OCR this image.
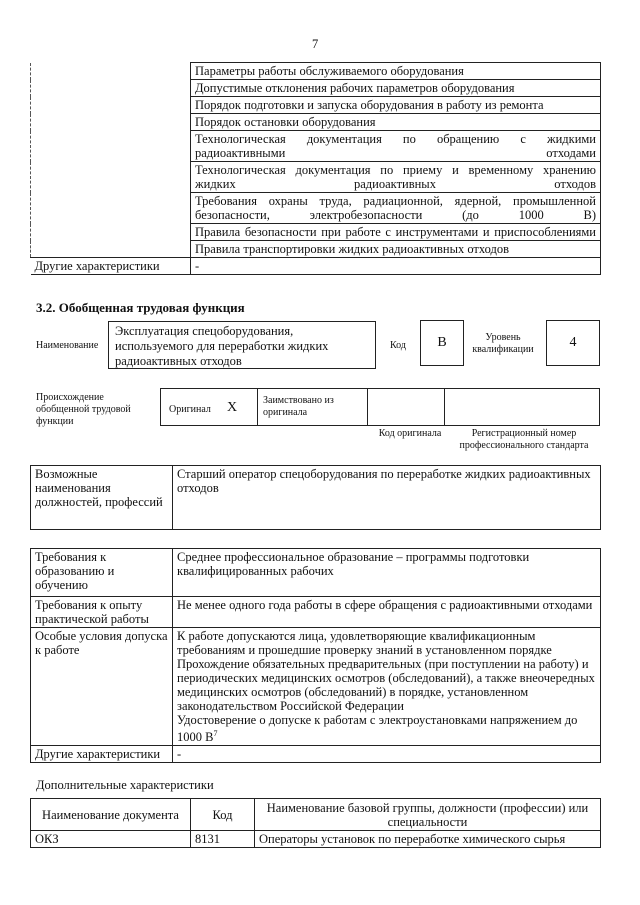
7
	Параметры работы обслуживаемого оборудования
	Допустимые отклонения рабочих параметров оборудования
	Порядок подготовки и запуска оборудования в работу из ремонта
	Порядок остановки оборудования
	Технологическая документация по обращению с жидкими радиоактивными отходами
	Технологическая документация по приему и временному хранению жидких радиоактивных отходов
	Требования охраны труда, радиационной, ядерной, промышленной безопасности, электробезопасности (до 1000 В)
	Правила безопасности при работе с инструментами и приспособлениями
	Правила транспортировки жидких радиоактивных отходов
Другие характеристики	-
3.2. Обобщенная трудовая функция
Наименование
Эксплуатация спецоборудования, используемого для переработки жидких радиоактивных отходов
Код	B	Уровень квалификации	4
Происхождение обобщенной трудовой функции
Оригинал X	Заимствовано из оригинала
Код оригинала	Регистрационный номер профессионального стандарта
Возможные наименования должностей, профессий	Старший оператор спецоборудования по переработке жидких радиоактивных отходов
Требования к образованию и обучению	Среднее профессиональное образование – программы подготовки квалифицированных рабочих
Требования к опыту практической работы	Не менее одного года работы в сфере обращения с радиоактивными отходами
Особые условия допуска к работе	К работе допускаются лица, удовлетворяющие квалификационным требованиям и прошедшие проверку знаний в установленном порядке
Прохождение обязательных предварительных (при поступлении на работу) и периодических медицинских осмотров (обследований), а также внеочередных медицинских осмотров (обследований) в порядке, установленном законодательством Российской Федерации
Удостоверение о допуске к работам с электроустановками напряжением до 1000 $В^7$

Другие характеристики	-
Дополнительные характеристики
Наименование документа	Код	Наименование базовой группы, должности (профессии) или специальности
ОКЗ	8131	Операторы установок по переработке химического сырья
